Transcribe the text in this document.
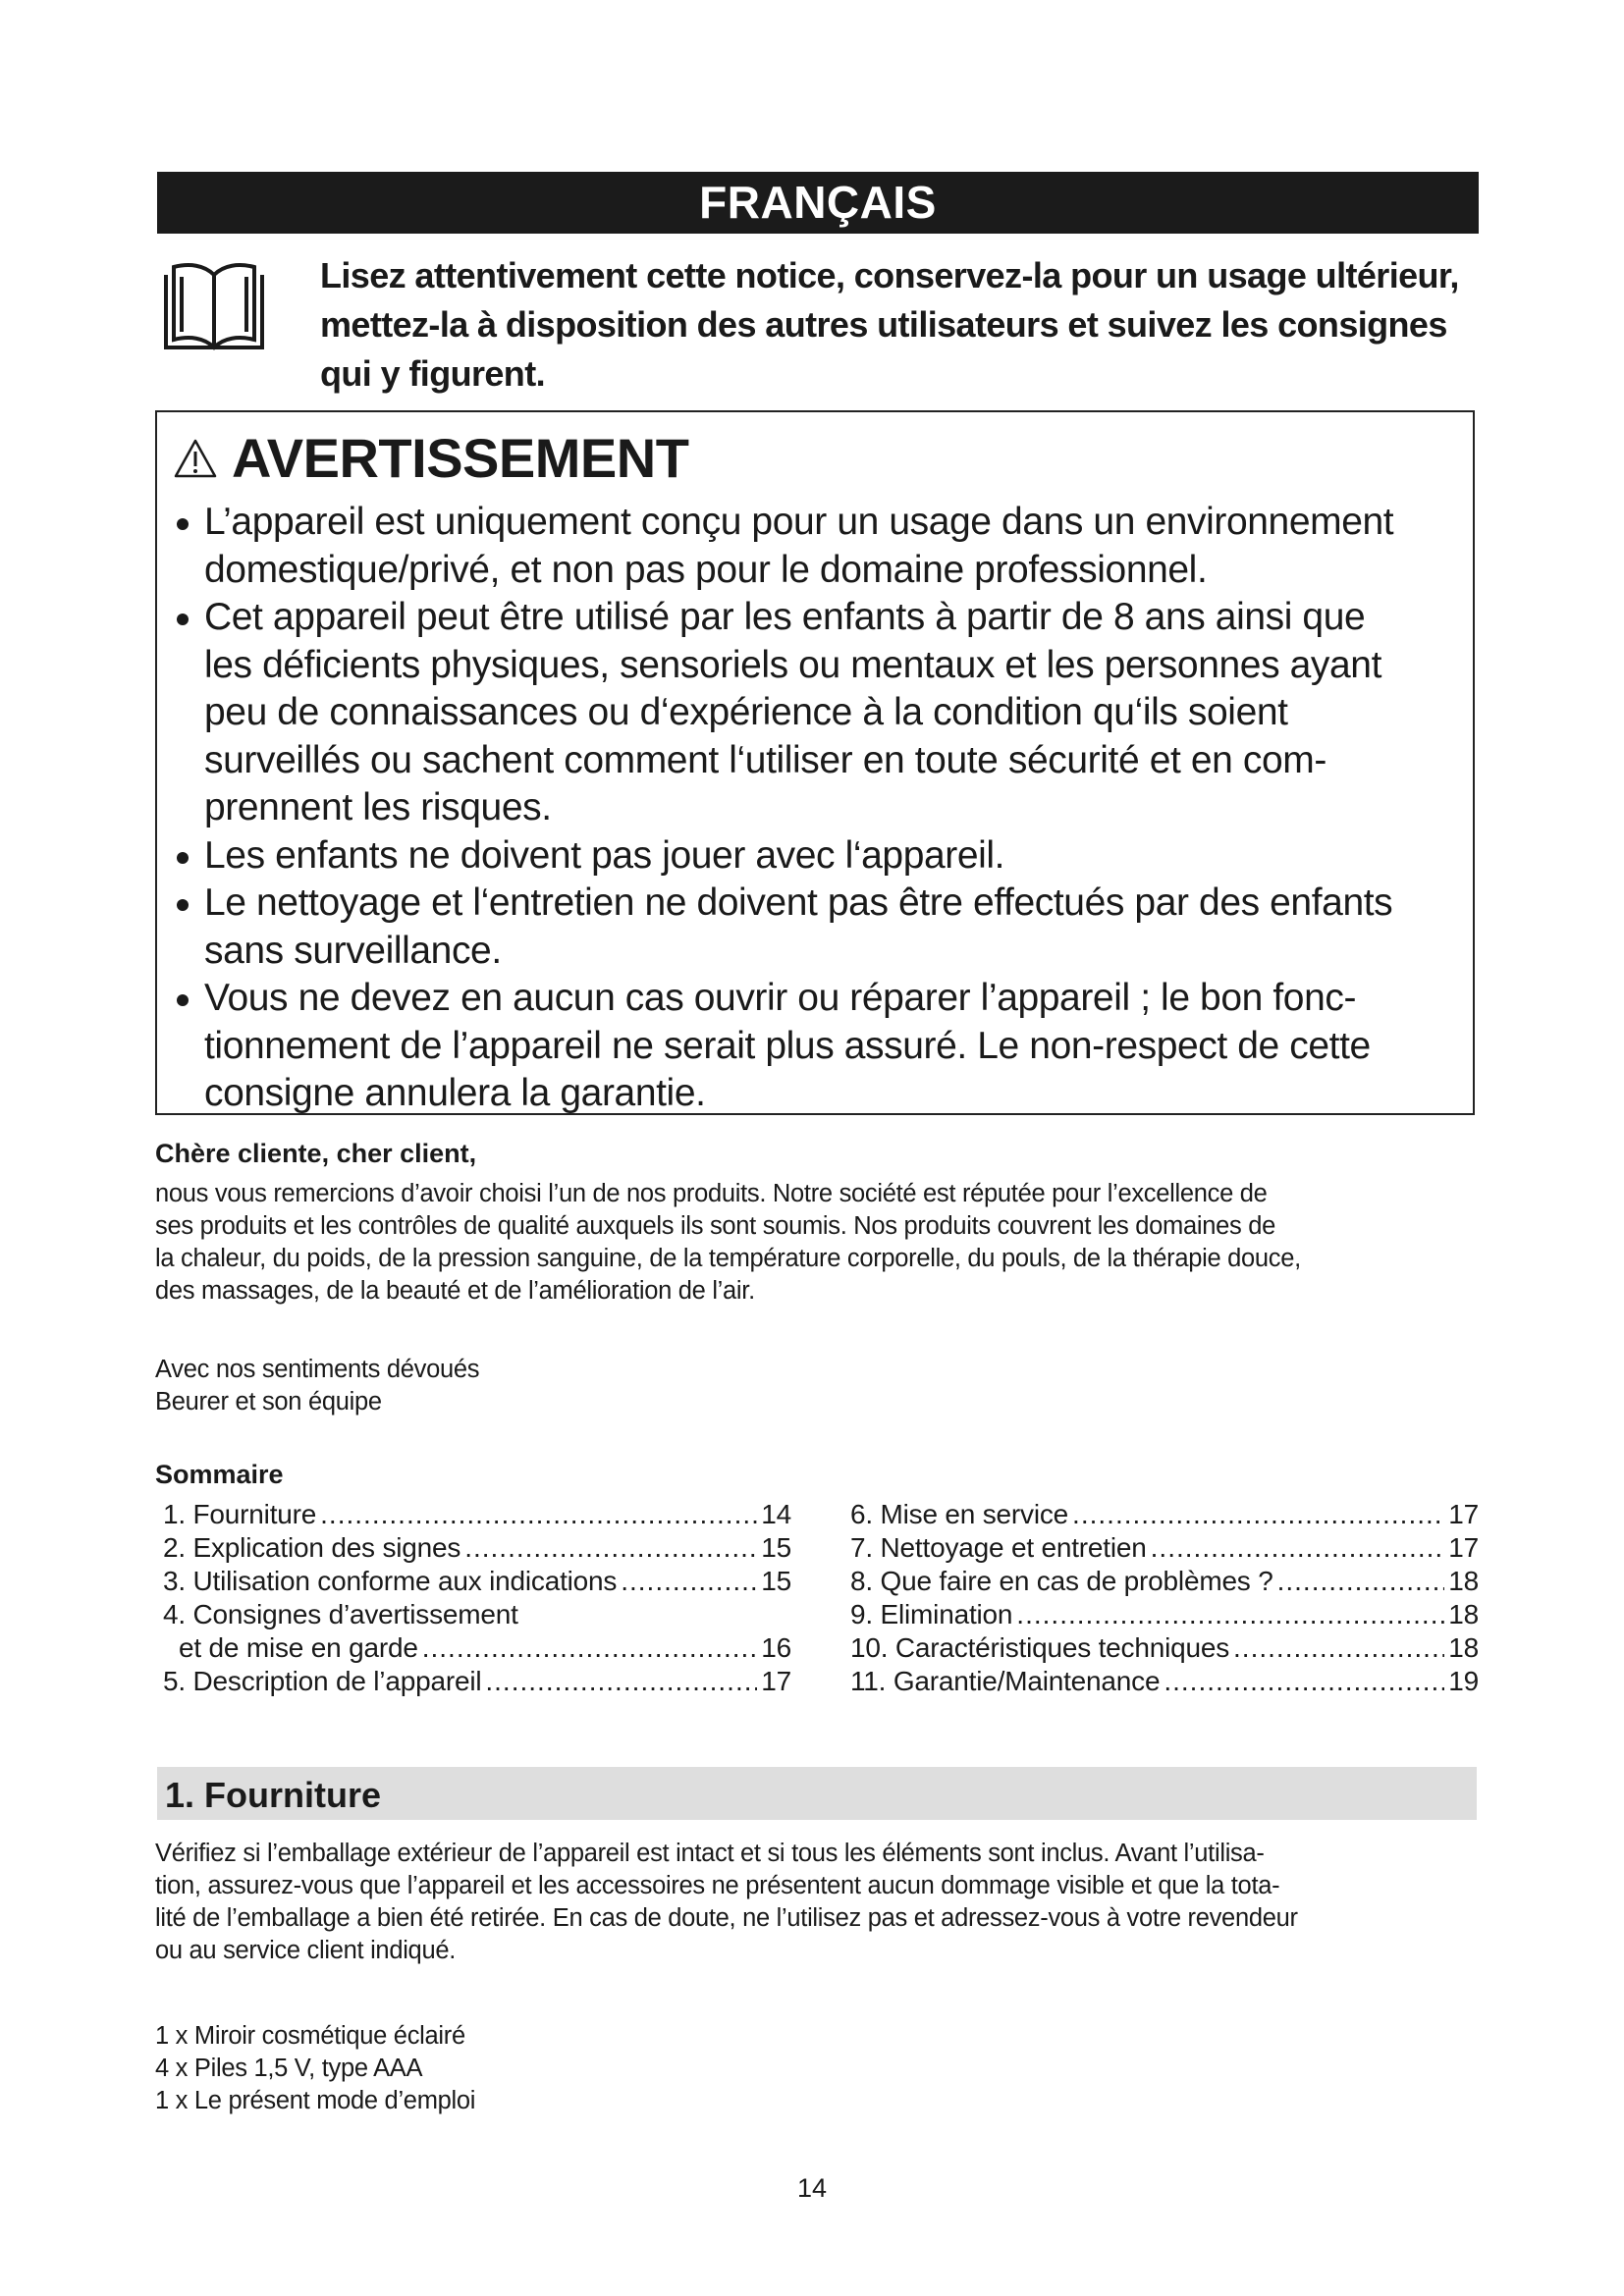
FRANÇAIS
Lisez attentivement cette notice, conservez-la pour un usage ultérieur,
mettez-la à disposition des autres utilisateurs et suivez les consignes
qui y figurent.
AVERTISSEMENT
L’appareil est uniquement conçu pour un usage dans un environnement
domestique/privé, et non pas pour le domaine professionnel.
Cet appareil peut être utilisé par les enfants à partir de 8 ans ainsi que
les déficients physiques, sensoriels ou mentaux et les personnes ayant
peu de connaissances ou d‘expérience à la condition qu‘ils soient
surveillés ou sachent comment l‘utiliser en toute sécurité et en com-
prennent les risques.
Les enfants ne doivent pas jouer avec l‘appareil.
Le nettoyage et l‘entretien ne doivent pas être effectués par des enfants
sans surveillance.
Vous ne devez en aucun cas ouvrir ou réparer l’appareil ; le bon fonc-
tionnement de l’appareil ne serait plus assuré. Le non-respect de cette
consigne annulera la garantie.
Chère cliente, cher client,
nous vous remercions d’avoir choisi l’un de nos produits. Notre société est réputée pour l’excellence de
ses produits et les contrôles de qualité auxquels ils sont soumis. Nos produits couvrent les domaines de
la chaleur, du poids, de la pression sanguine, de la température corporelle, du pouls, de la thérapie douce,
des massages, de la beauté et de l’amélioration de l’air.
Avec nos sentiments dévoués
Beurer et son équipe
Sommaire
1. Fourniture .....	14
2. Explication des signes .....	15
3. Utilisation conforme aux indications .....	15
4. Consignes d’avertissement
et de mise en garde .....	16
5. Description de l’appareil .....	17
6. Mise en service .....	17
7. Nettoyage et entretien .....	17
8. Que faire en cas de problèmes ? .....	18
9. Elimination .....	18
10. Caractéristiques techniques .....	18
11. Garantie/Maintenance .....	19
1. Fourniture
Vérifiez si l’emballage extérieur de l’appareil est intact et si tous les éléments sont inclus. Avant l’utilisa-
tion, assurez-vous que l’appareil et les accessoires ne présentent aucun dommage visible et que la tota-
lité de l’emballage a bien été retirée. En cas de doute, ne l’utilisez pas et adressez-vous à votre revendeur
ou au service client indiqué.
1 x Miroir cosmétique éclairé
4 x Piles 1,5 V, type AAA
1 x Le présent mode d’emploi
14
